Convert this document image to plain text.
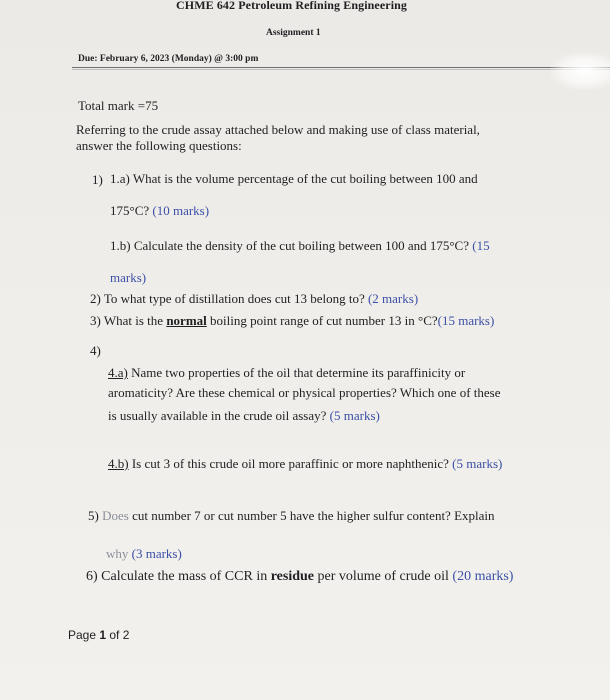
CHME 642 Petroleum Refining Engineering
Assignment 1
Due: February 6, 2023 (Monday) @ 3:00 pm
Total mark =75
Referring to the crude assay attached below and making use of class material,
answer the following questions:
1) 1.a) What is the volume percentage of the cut boiling between 100 and
175°C? (10 marks)
1.b) Calculate the density of the cut boiling between 100 and 175°C? (15
marks)
2) To what type of distillation does cut 13 belong to? (2 marks)
3) What is the normal boiling point range of cut number 13 in °C?(15 marks)
4)
4.a) Name two properties of the oil that determine its paraffinicity or
aromaticity? Are these chemical or physical properties? Which one of these
is usually available in the crude oil assay? (5 marks)
4.b) Is cut 3 of this crude oil more paraffinic or more naphthenic? (5 marks)
5) Does cut number 7 or cut number 5 have the higher sulfur content? Explain
why (3 marks)
6) Calculate the mass of CCR in residue per volume of crude oil (20 marks)
Page 1 of 2
